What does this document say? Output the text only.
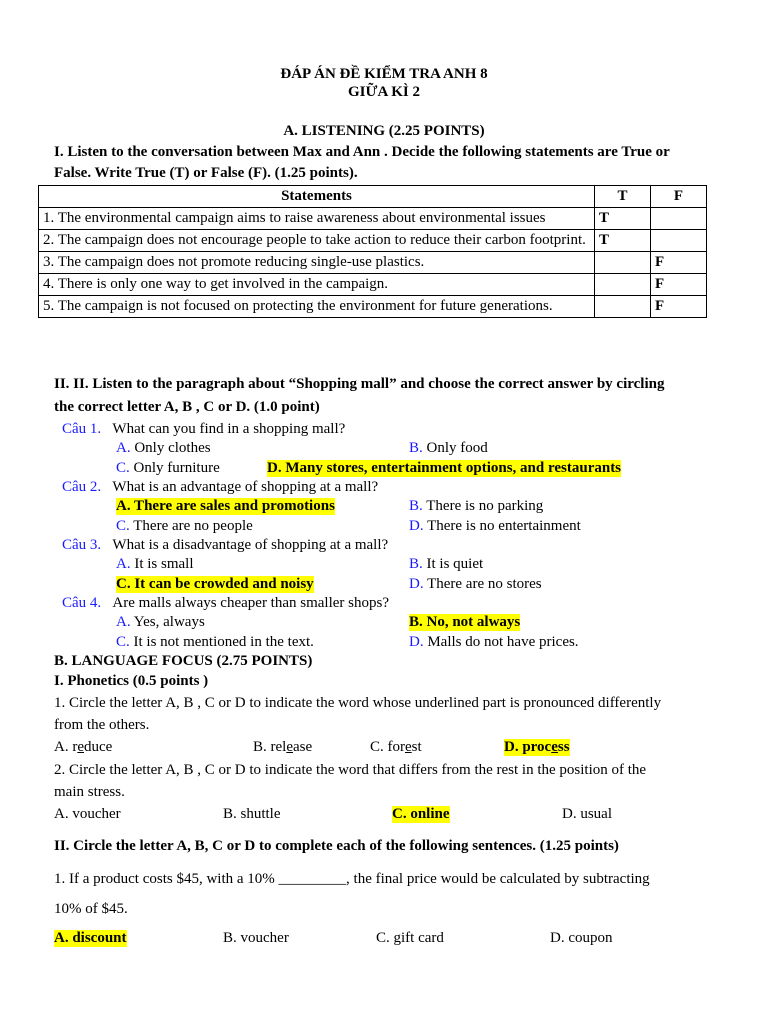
ĐÁP ÁN ĐỀ KIỂM TRA ANH 8
GIỮA KÌ 2
A. LISTENING (2.25 POINTS)
I. Listen to the conversation between Max and Ann . Decide the following statements are True or
False. Write True (T) or False (F). (1.25 points).
Statements	T	F
1. The environmental campaign aims to raise awareness about environmental issues	T	
2. The campaign does not encourage people to take action to reduce their carbon footprint.	T	
3. The campaign does not promote reducing single-use plastics.		F
4. There is only one way to get involved in the campaign.		F
5. The campaign is not focused on protecting the environment for future generations.		F
II. II. Listen to the paragraph about “Shopping mall” and choose the correct answer by circling
the correct letter A, B , C or D. (1.0 point)
Câu 1. What can you find in a shopping mall?
A. Only clothes	B. Only food
C. Only furniture	D. Many stores, entertainment options, and restaurants
Câu 2. What is an advantage of shopping at a mall?
A. There are sales and promotions	B. There is no parking
C. There are no people	D. There is no entertainment
Câu 3. What is a disadvantage of shopping at a mall?
A. It is small	B. It is quiet
C. It can be crowded and noisy	D. There are no stores
Câu 4. Are malls always cheaper than smaller shops?
A. Yes, always	B. No, not always
C. It is not mentioned in the text.	D. Malls do not have prices.
B. LANGUAGE FOCUS (2.75 POINTS)
I. Phonetics (0.5 points )
1. Circle the letter A, B , C or D to indicate the word whose underlined part is pronounced differently
from the others.
A. reduce	B. release	C. forest	D. process
2. Circle the letter A, B , C or D to indicate the word that differs from the rest in the position of the
main stress.
A. voucher	B. shuttle	C. online	D. usual
II. Circle the letter A, B, C or D to complete each of the following sentences. (1.25 points)
1. If a product costs $45, with a 10% _________, the final price would be calculated by subtracting
10% of $45.
A. discount	B. voucher	C. gift card	D. coupon
